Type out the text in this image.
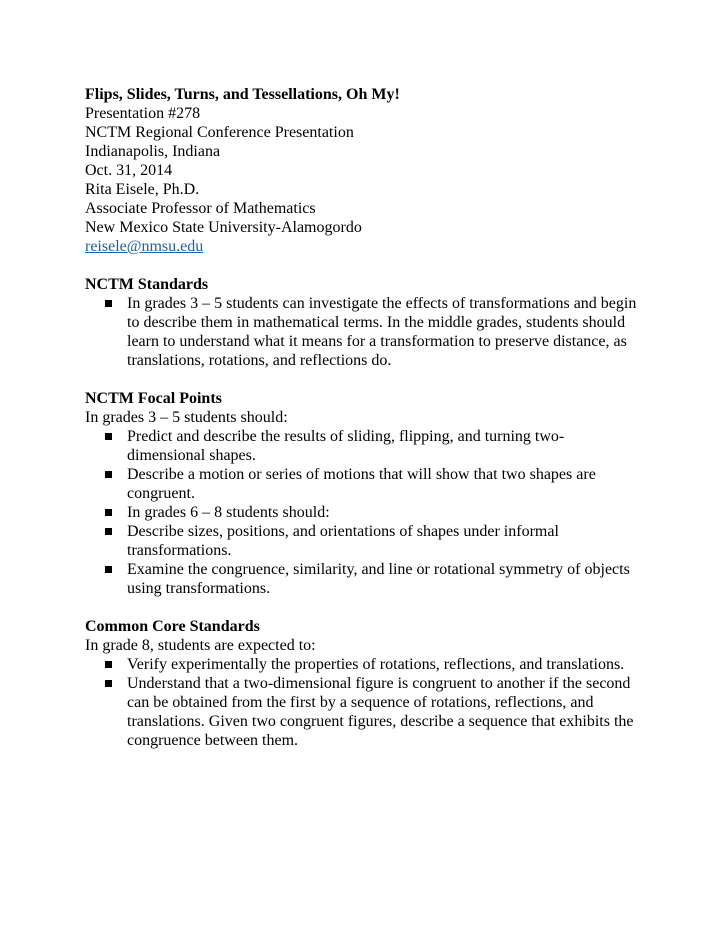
Flips, Slides, Turns, and Tessellations, Oh My!
Presentation #278
NCTM Regional Conference Presentation
Indianapolis, Indiana
Oct. 31, 2014
Rita Eisele, Ph.D.
Associate Professor of Mathematics
New Mexico State University-Alamogordo
reisele@nmsu.edu
NCTM Standards
In grades 3 – 5 students can investigate the effects of transformations and begin to describe them in mathematical terms. In the middle grades, students should learn to understand what it means for a transformation to preserve distance, as translations, rotations, and reflections do.
NCTM Focal Points
In grades 3 – 5 students should:
Predict and describe the results of sliding, flipping, and turning two-dimensional shapes.
Describe a motion or series of motions that will show that two shapes are congruent.
In grades 6 – 8 students should:
Describe sizes, positions, and orientations of shapes under informal transformations.
Examine the congruence, similarity, and line or rotational symmetry of objects using transformations.
Common Core Standards
In grade 8, students are expected to:
Verify experimentally the properties of rotations, reflections, and translations.
Understand that a two-dimensional figure is congruent to another if the second can be obtained from the first by a sequence of rotations, reflections, and translations. Given two congruent figures, describe a sequence that exhibits the congruence between them.
